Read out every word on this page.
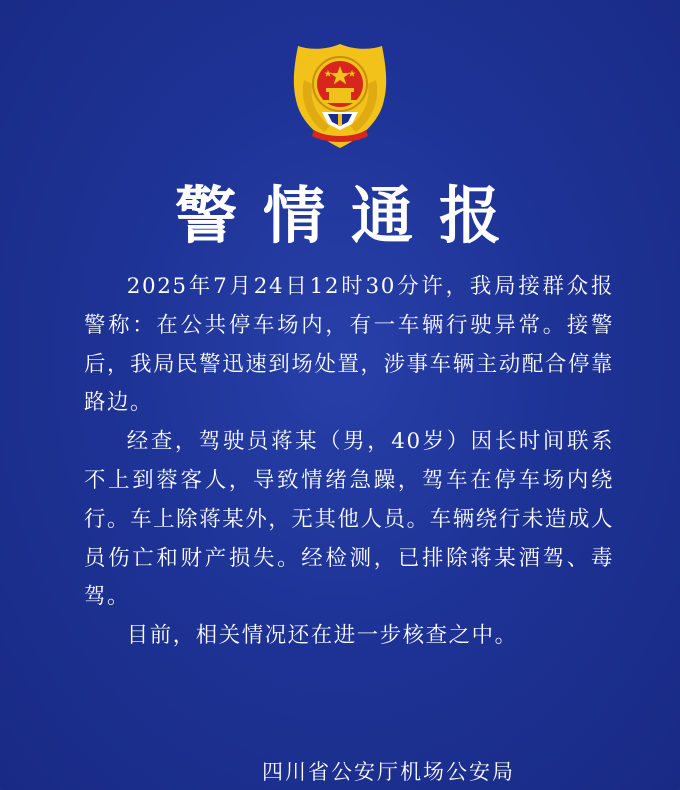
警情通报

2025年7月24日12时30分许，我局接群众报警称：在公共停车场内，有一车辆行驶异常。接警后，我局民警迅速到场处置，涉事车辆主动配合停靠路边。

经查，驾驶员蒋某（男，40岁）因长时间联系不上到蓉客人，导致情绪急躁，驾车在停车场内绕行。车上除蒋某外，无其他人员。车辆绕行未造成人员伤亡和财产损失。经检测，已排除蒋某酒驾、毒驾。

目前，相关情况还在进一步核查之中。

四川省公安厅机场公安局
